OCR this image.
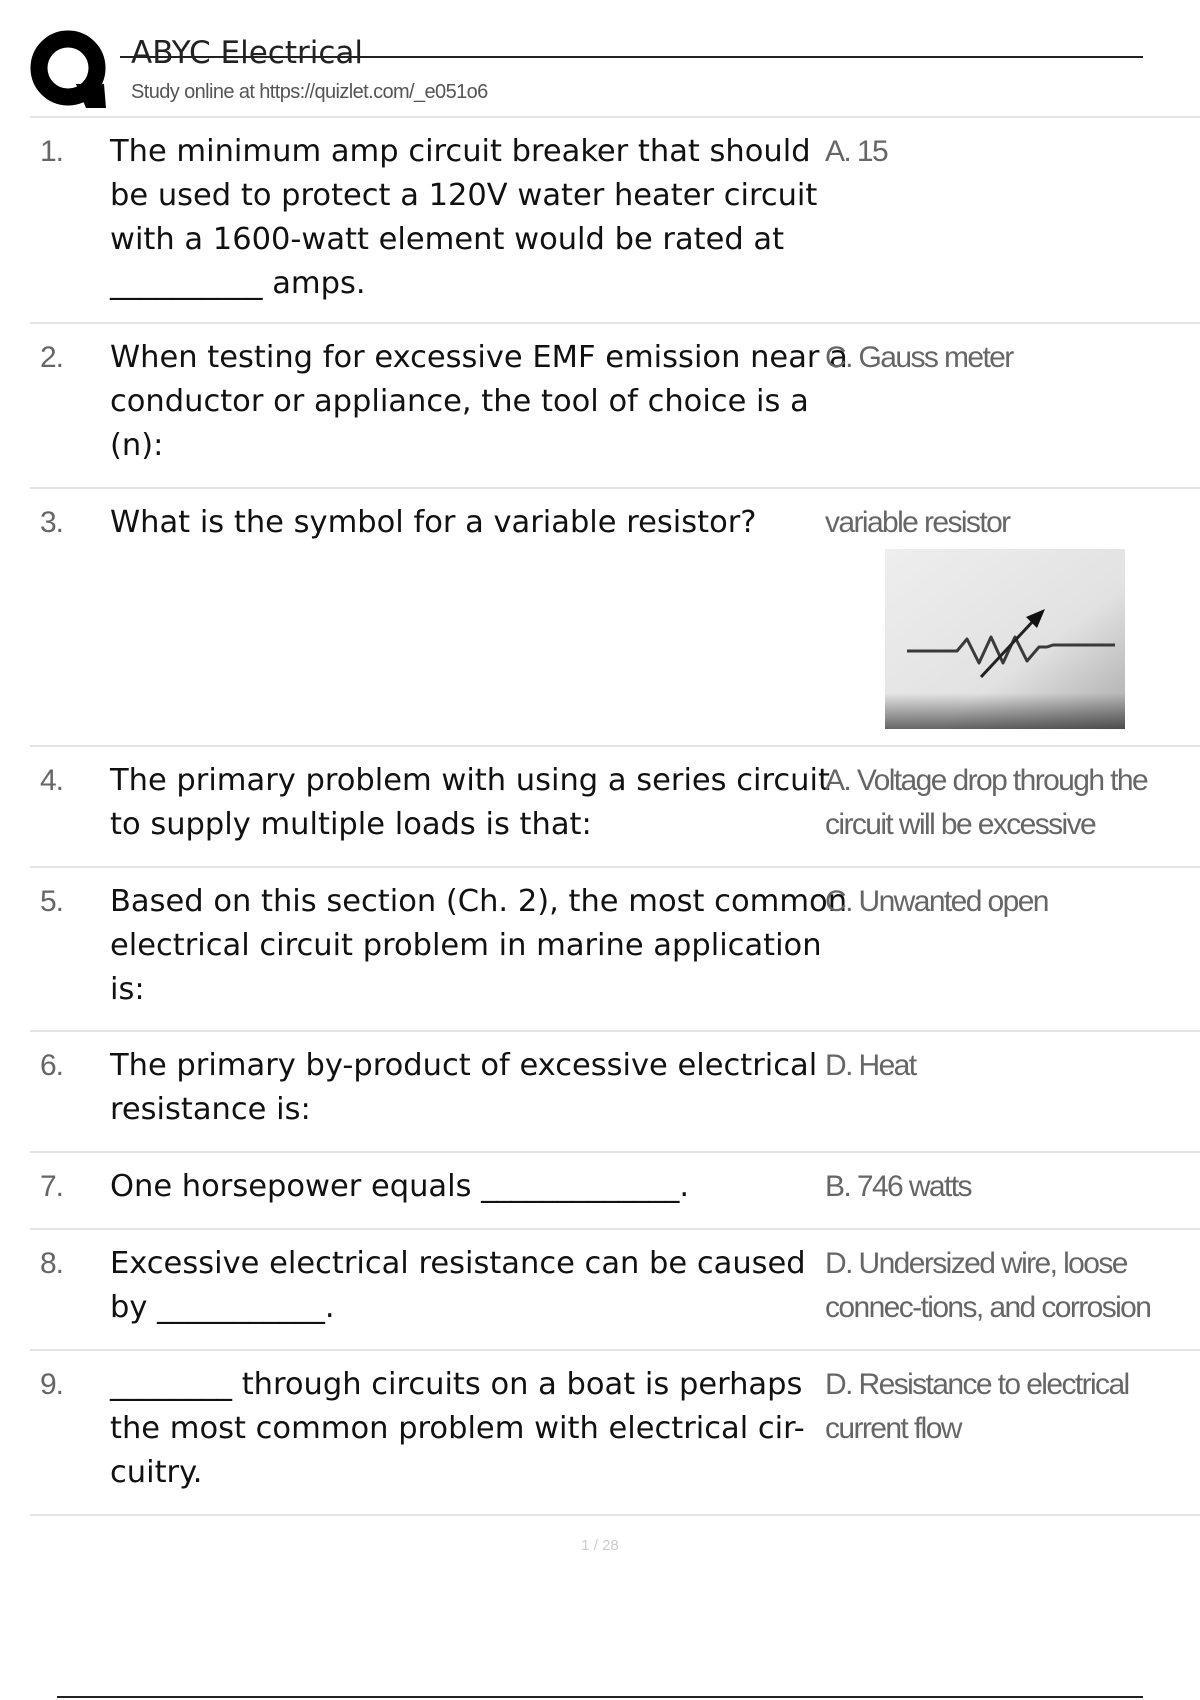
ABYC Electrical
Study online at https://quizlet.com/_e051o6
1. The minimum amp circuit breaker that should be used to protect a 120V water heater circuit with a 1600-watt element would be rated at __________ amps.

A. 15

2. When testing for excessive EMF emission near a conductor or appliance, the tool of choice is a (n):

C. Gauss meter

3. What is the symbol for a variable resistor?	variable resistor

4. The primary problem with using a series circuit to supply multiple loads is that:

A. Voltage drop through the circuit will be excessive

5. Based on this section (Ch. 2), the most common electrical circuit problem in marine application is:

C. Unwanted open

6. The primary by-product of excessive electrical resistance is:

D. Heat

7. One horsepower equals _____________.	B. 746 watts

8. Excessive electrical resistance can be caused by ___________.

D. Undersized wire, loose connec-tions, and corrosion

9. ________ through circuits on a boat is perhaps the most common problem with electrical cir-cuitry.

D. Resistance to electrical current flow

1 / 28
